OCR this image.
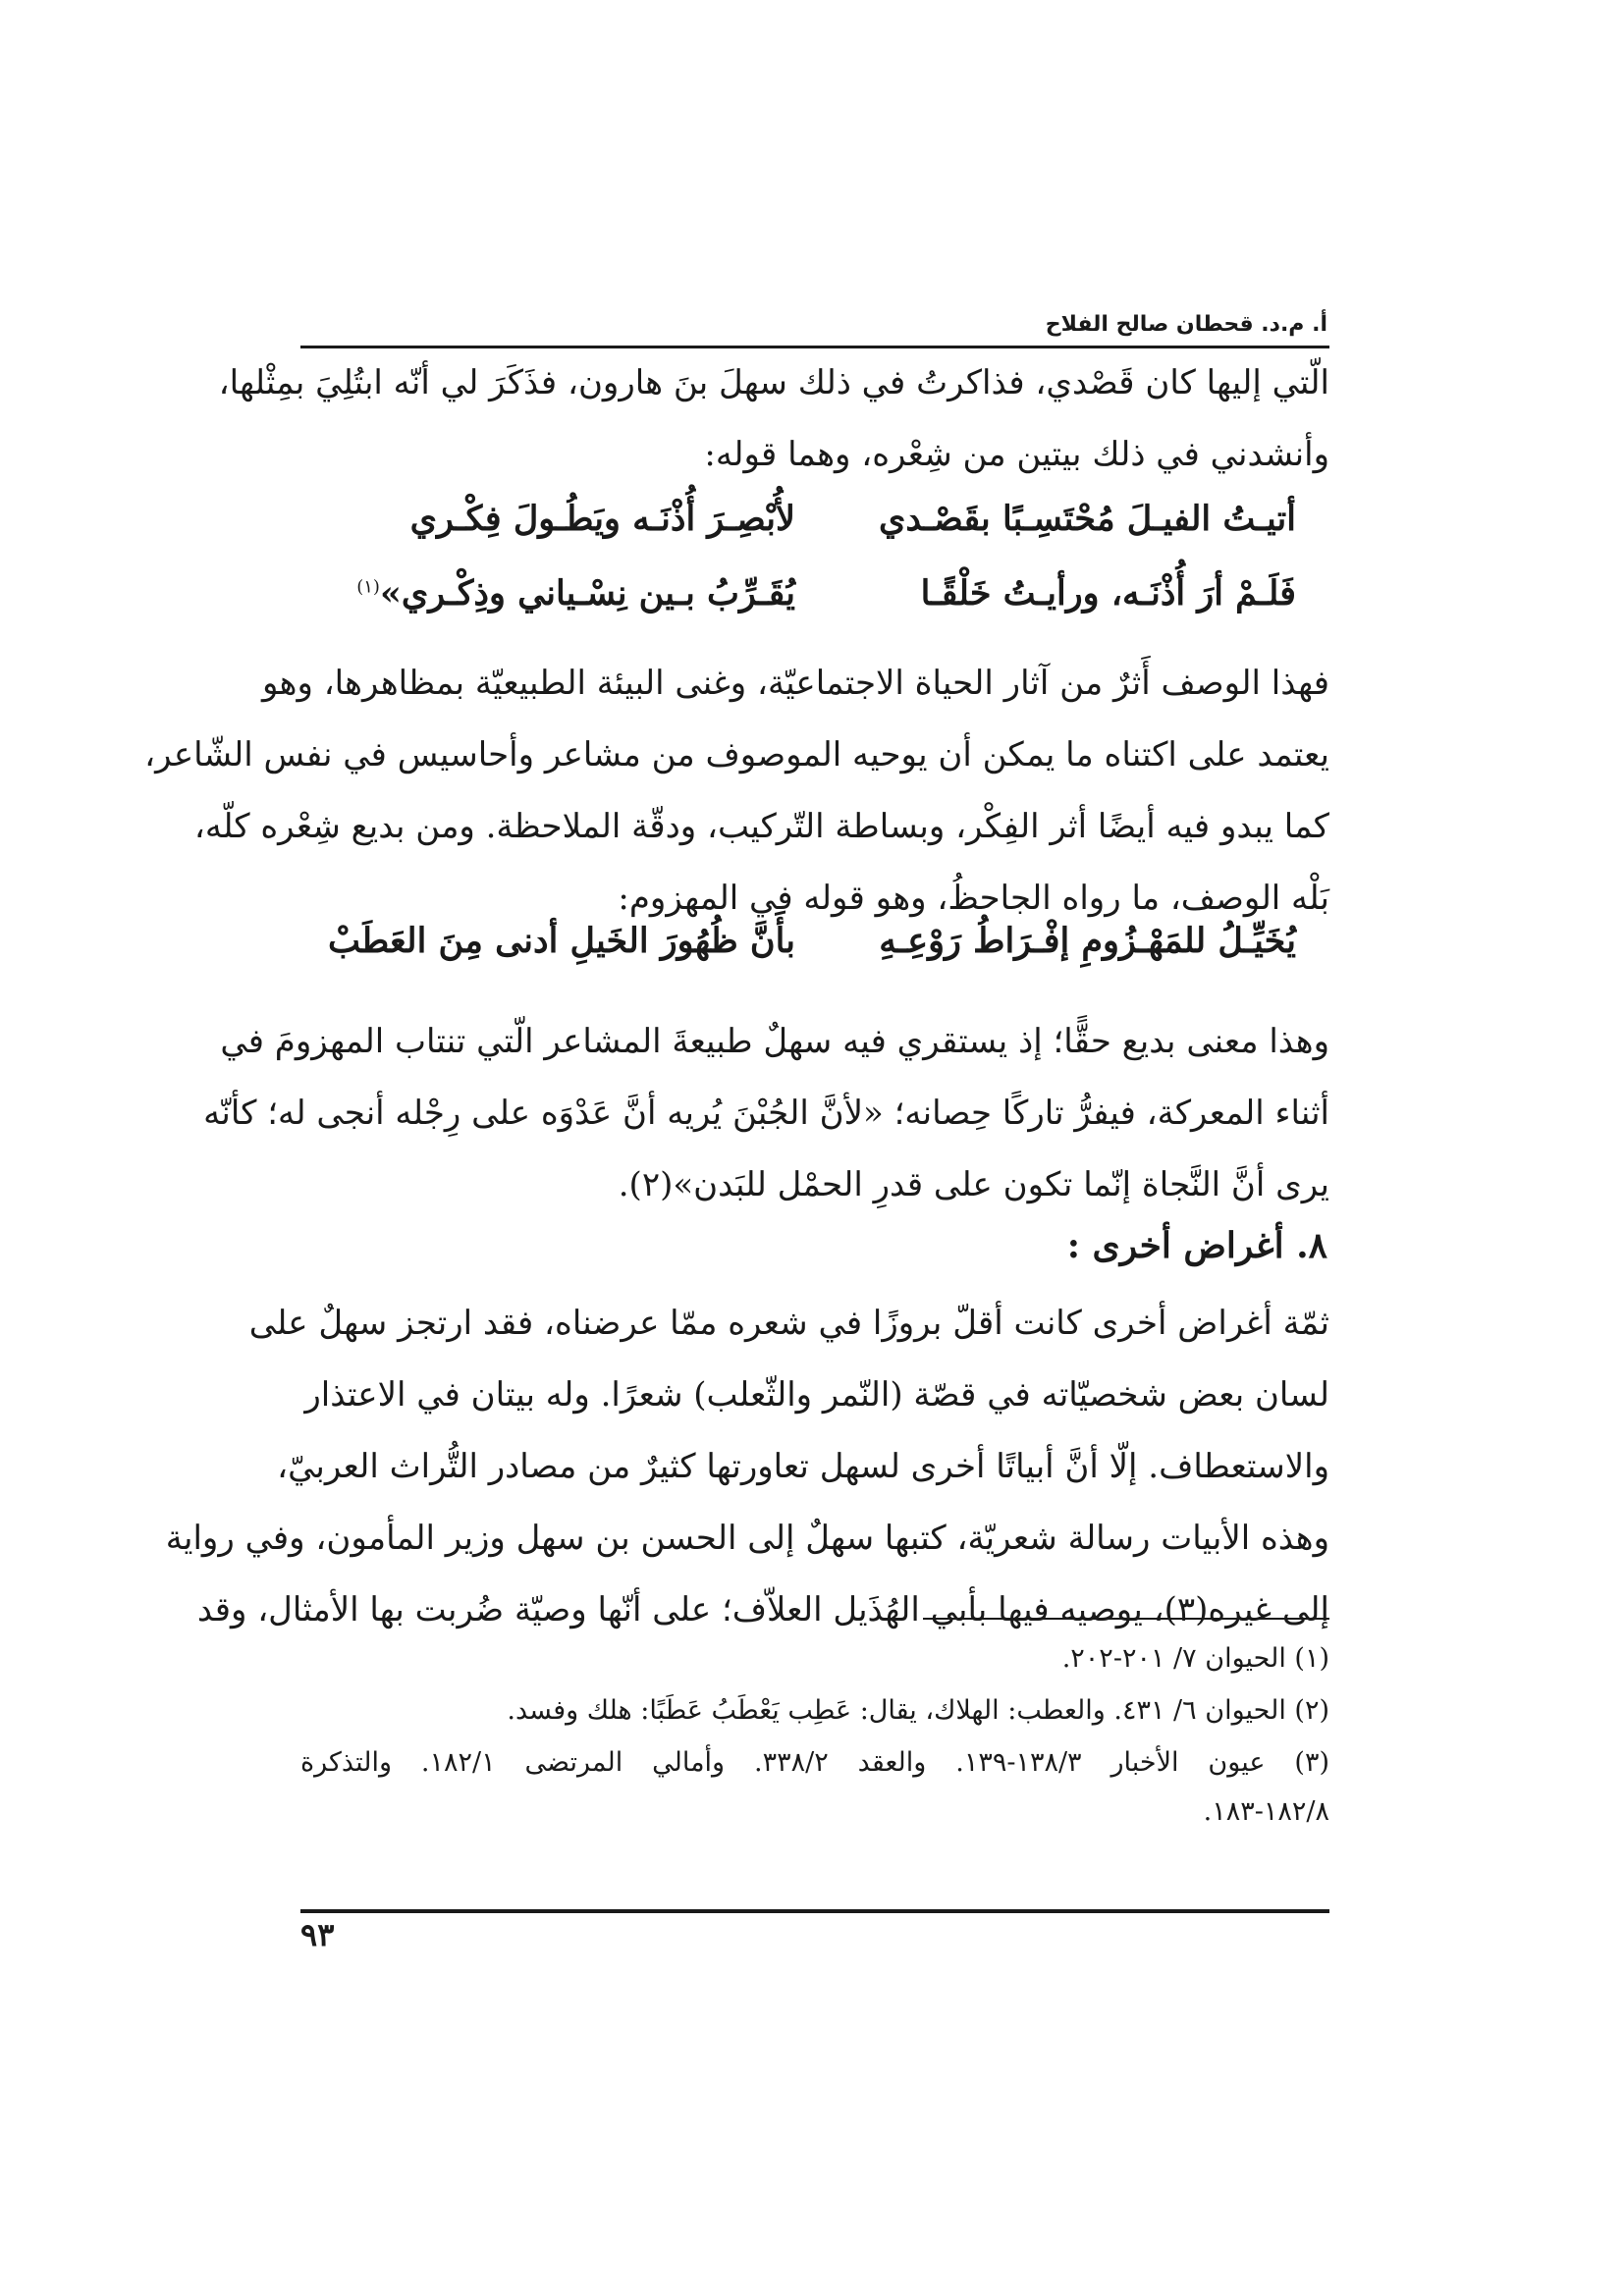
أ. م.د. قحطان صالح الفلاح
الّتي إليها كان قَصْدي، فذاكرتُ في ذلك سهلَ بنَ هارون، فذَكَرَ لي أنّه ابتُلِيَ بمِثْلها،
وأنشدني في ذلك بيتين من شِعْره، وهما قوله:
أتيـتُ الفيـلَ مُحْتَسِـبًا بقَصْـدي
لأُبْصِـرَ أُذْنَـه ويَطُـولَ فِكْـري
فَلَـمْ أرَ أُذْنَـه، ورأيـتُ خَلْقًـا
يُقَـرِّبُ بـين نِسْـياني وذِكْـري»$^{(١)}$
فهذا الوصف أَثرٌ من آثار الحياة الاجتماعيّة، وغنى البيئة الطبيعيّة بمظاهرها، وهو
يعتمد على اكتناه ما يمكن أن يوحيه الموصوف من مشاعر وأحاسيس في نفس الشّاعر،
كما يبدو فيه أيضًا أثر الفِكْر، وبساطة التّركيب، ودقّة الملاحظة. ومن بديع شِعْره كلّه،
بَلْه الوصف، ما رواه الجاحظُ، وهو قوله في المهزوم:
يُخَيِّـلُ للمَهْـزُومِ إفْـرَاطُ رَوْعِـهِ
بأَنَّ ظُهُورَ الخَيلِ أدنى مِنَ العَطَبْ
وهذا معنى بديع حقًّا؛ إذ يستقري فيه سهلٌ طبيعةَ المشاعر الّتي تنتاب المهزومَ في
أثناء المعركة، فيفرُّ تاركًا حِصانه؛ «لأنَّ الجُبْنَ يُريه أنَّ عَدْوَه على رِجْله أنجى له؛ كأنّه
يرى أنَّ النَّجاة إنّما تكون على قدرِ الحمْل للبَدن»(٢).
٨. أغراض أخرى :
ثمّة أغراض أخرى كانت أقلّ بروزًا في شعره ممّا عرضناه، فقد ارتجز سهلٌ على
لسان بعض شخصيّاته في قصّة (النّمر والثّعلب) شعرًا. وله بيتان في الاعتذار
والاستعطاف. إلّا أنَّ أبياتًا أخرى لسهل تعاورتها كثيرٌ من مصادر التُّراث العربيّ،
وهذه الأبيات رسالة شعريّة، كتبها سهلٌ إلى الحسن بن سهل وزير المأمون، وفي رواية
إلى غيره(٣)، يوصيه فيها بأبي الهُذَيل العلاّف؛ على أنّها وصيّة ضُربت بها الأمثال، وقد
(١) الحيوان ٧/ ٢٠١-٢٠٢.
(٢) الحيوان ٦/ ٤٣١. والعطب: الهلاك، يقال: عَطِب يَعْطَبُ عَطَبًا: هلك وفسد.
(٣) عيون الأخبار ١٣٨/٣-١٣٩. والعقد ٣٣٨/٢. وأمالي المرتضى ١٨٢/١. والتذكرة
١٨٢/٨-١٨٣.
٩٣
